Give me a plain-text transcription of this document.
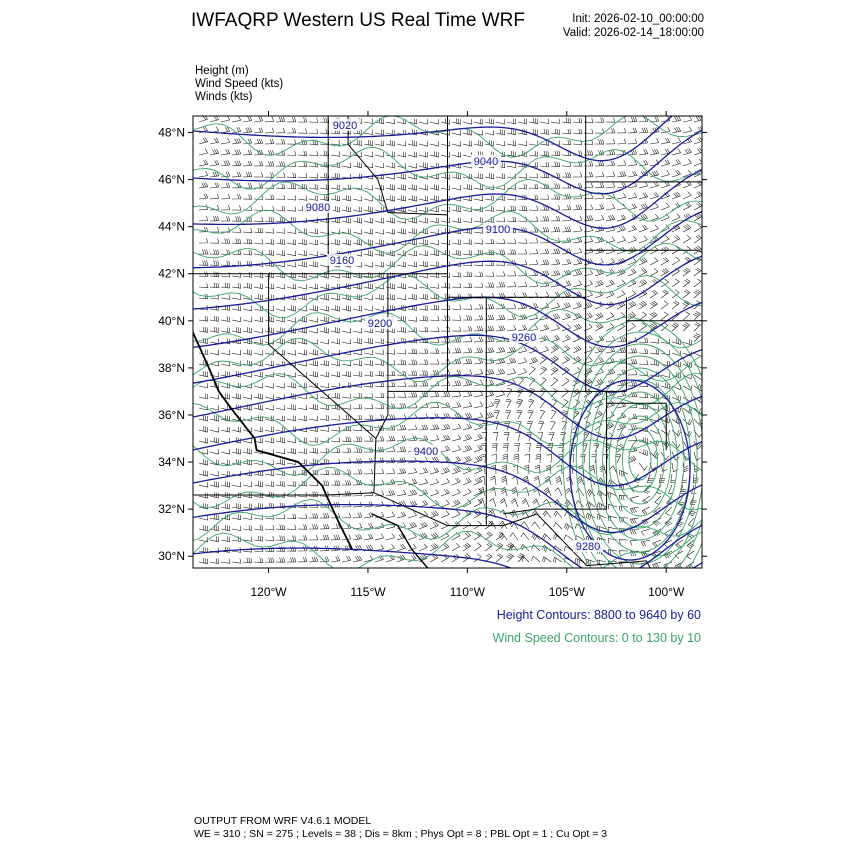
IWFAQRP Western US Real Time WRF	Init: 2026-02-10_00:00:00
Valid: 2026-02-14_18:00:00
Height (m)
Wind Speed (kts)
Winds (kts)
9020
9040
9080
9100
9160
9200
9260
9400
9280
30°N
32°N
34°N
36°N
38°N
40°N
42°N
44°N
46°N
48°N
120°W	115°W	110°W	105°W	100°W
Height Contours: 8800 to 9640 by 60
Wind Speed Contours: 0 to 130 by 10
OUTPUT FROM WRF V4.6.1 MODEL
WE = 310 ; SN = 275 ; Levels = 38 ; Dis = 8km ; Phys Opt = 8 ; PBL Opt = 1 ; Cu Opt = 3
